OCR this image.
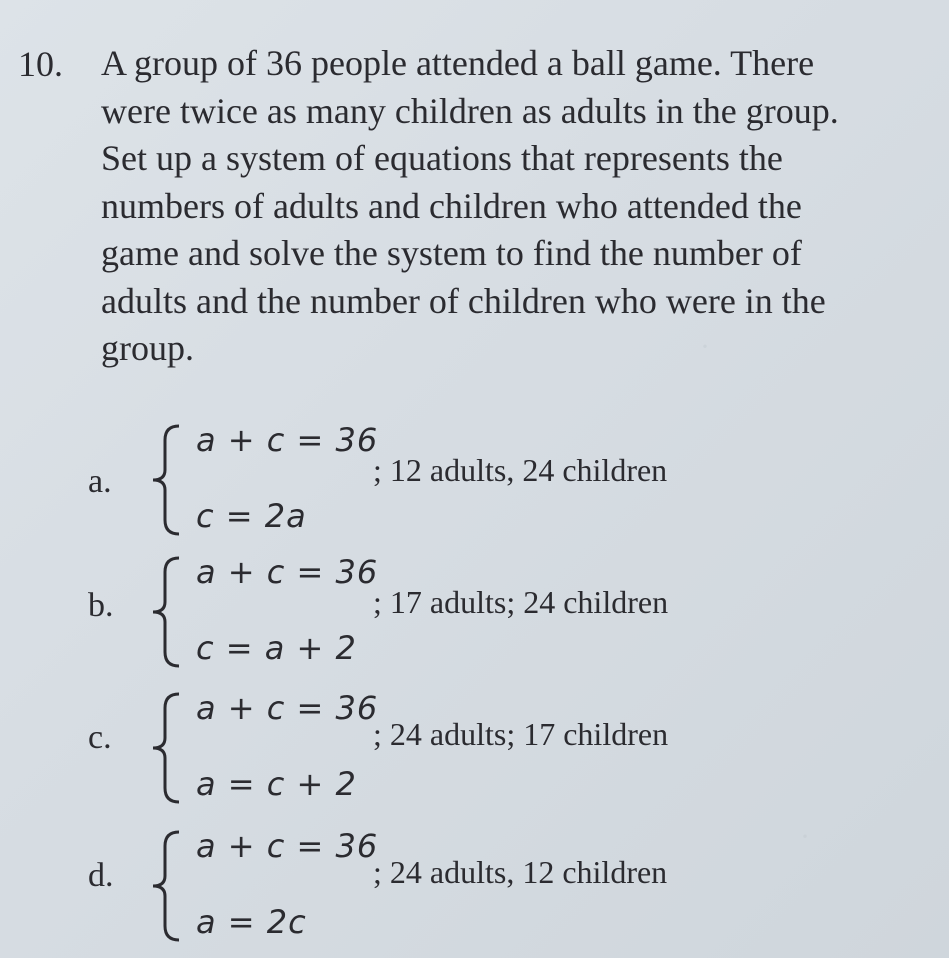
·
·
10. A group of 36 people attended a ball game. There
were twice as many children as adults in the group.
Set up a system of equations that represents the
numbers of adults and children who attended the
game and solve the system to find the number of
adults and the number of children who were in the
group.
a.
a + c = 36
c = 2a
; 12 adults, 24 children
b.
a + c = 36
c = a + 2
; 17 adults; 24 children
c.
a + c = 36
a = c + 2
; 24 adults; 17 children
d.
a + c = 36
a = 2c
; 24 adults, 12 children
